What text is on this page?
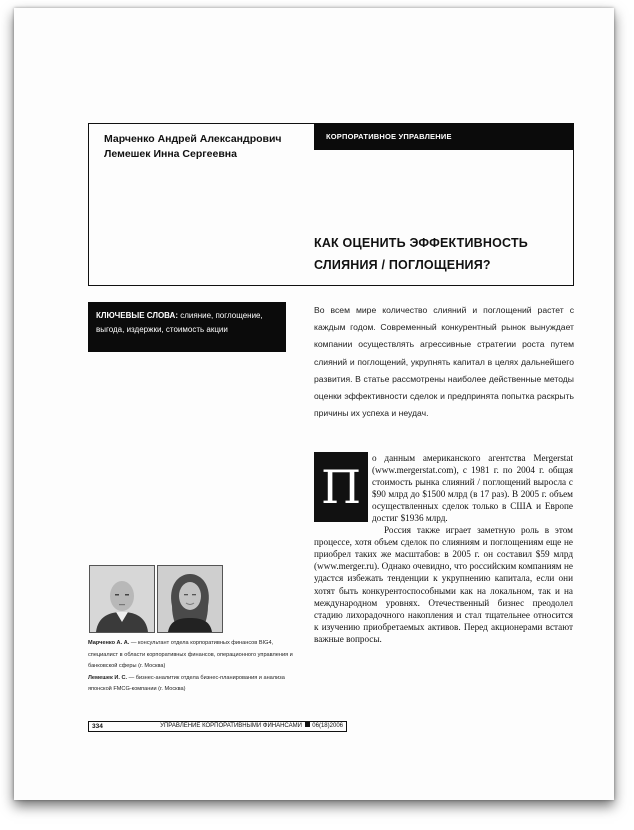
Марченко Андрей Александрович
Лемешек Инна Сергеевна
КОРПОРАТИВНОЕ УПРАВЛЕНИЕ
КАК ОЦЕНИТЬ ЭФФЕКТИВНОСТЬ
СЛИЯНИЯ / ПОГЛОЩЕНИЯ?
КЛЮЧЕВЫЕ СЛОВА: слияние, поглощение, выгода, издержки, стоимость акции
Во всем мире количество слияний и поглощений растет с каждым годом. Современный конкурентный рынок вынуждает компании осуществлять агрессивные стратегии роста путем слияний и поглощений, укрупнять капитал в целях дальнейшего развития. В статье рассмотрены наиболее действенные методы оценки эффективности сделок и предпринята попытка раскрыть причины их успеха и неудач.
П

о данным американского агентства Mergerstat (www.mergerstat.com), с 1981 г. по 2004 г. общая стоимость рынка слияний / поглощений выросла с $90 млрд до $1500 млрд (в 17 раз). В 2005 г. объем осуществленных сделок только в США и Европе достиг $1936 млрд.

Россия также играет заметную роль в этом процессе, хотя объем сделок по слияниям и поглощениям еще не приобрел таких же масштабов: в 2005 г. он составил $59 млрд (www.merger.ru). Однако очевидно, что российским компаниям не удастся избежать тенденции к укрупнению капитала, если они хотят быть конкурентоспособными как на локальном, так и на международном уровнях. Отечественный бизнес преодолел стадию лихорадочного накопления и стал тщательнее относится к изучению приобретаемых активов. Перед акционерами встают важные вопросы.

Марченко А. А. — консультант отдела корпоративных финансов BIG4, специалист в области корпоративных финансов, операционного управления и банковской сферы (г. Москва)
Лемешек И. С. — бизнес-аналитик отдела бизнес-планирования и анализа японской FMCG-компании (г. Москва)
334	УПРАВЛЕНИЕ КОРПОРАТИВНЫМИ ФИНАНСАМИ 06(18)2006
